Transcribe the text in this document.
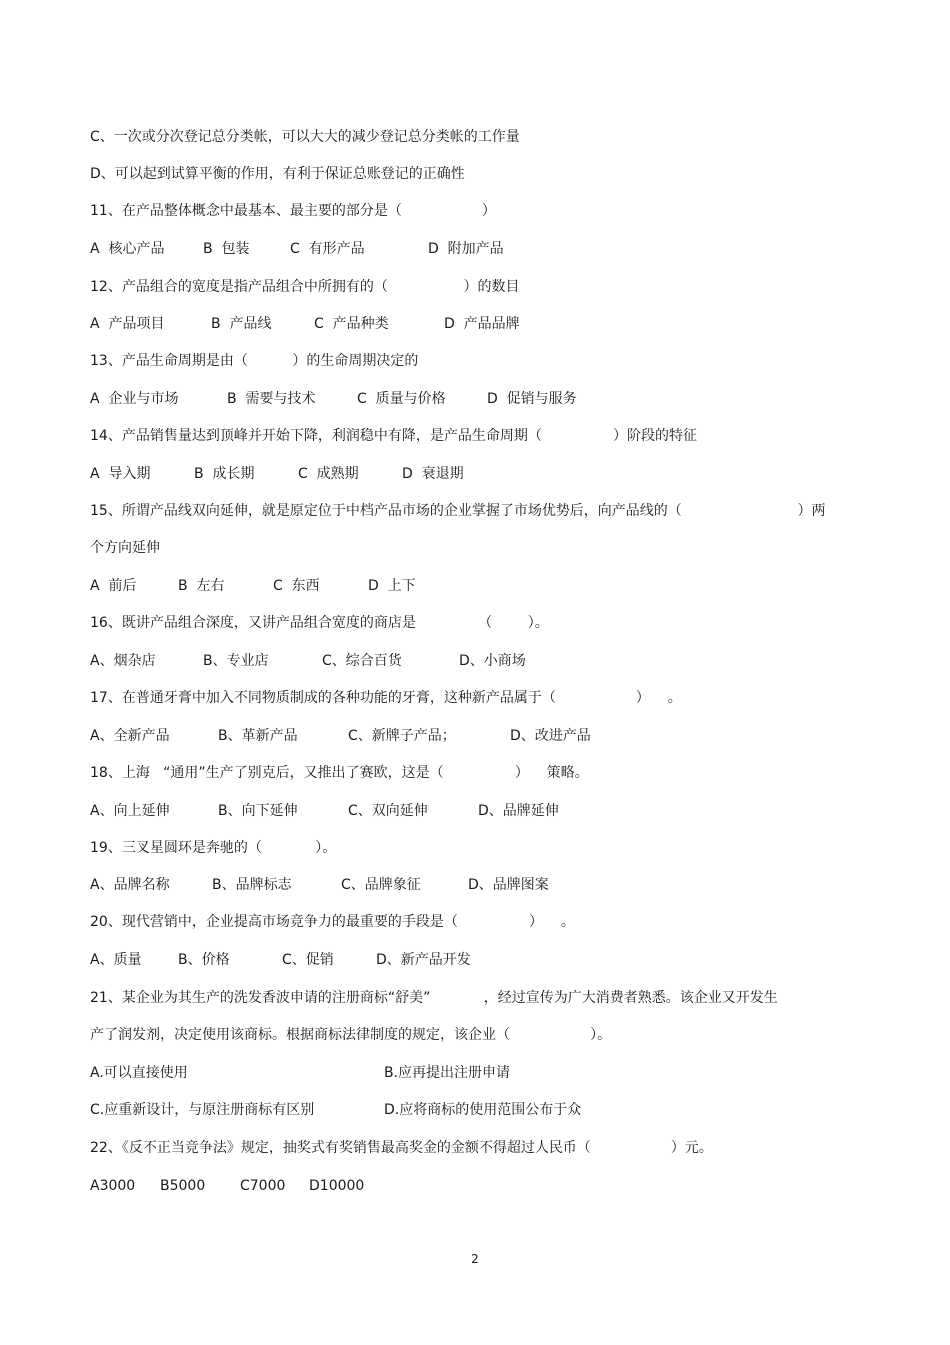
C、一次或分次登记总分类帐，可以大大的减少登记总分类帐的工作量
D、可以起到试算平衡的作用，有利于保证总账登记的正确性
11、在产品整体概念中最基本、最主要的部分是（                  ）
A  核心产品	B  包装	C  有形产品	D  附加产品
12、产品组合的宽度是指产品组合中所拥有的（                 ）的数目
A  产品项目	B  产品线	C  产品种类	D  产品品牌
13、产品生命周期是由（          ）的生命周期决定的
A  企业与市场	B  需要与技术	C  质量与价格	D  促销与服务
14、产品销售量达到顶峰并开始下降，利润稳中有降，是产品生命周期（                ）阶段的特征
A  导入期	B  成长期	C  成熟期	D  衰退期
15、所谓产品线双向延伸，就是原定位于中档产品市场的企业掌握了市场优势后，向产品线的（                          ）两
个方向延伸
A  前后	B  左右	C  东西	D  上下
16、既讲产品组合深度，又讲产品组合宽度的商店是              （        ）。
A、烟杂店	B、专业店	C、综合百货	D、小商场
17、在普通牙膏中加入不同物质制成的各种功能的牙膏，这种新产品属于（                  ）    。
A、全新产品	B、革新产品	C、新牌子产品；	D、改进产品
18、上海   “通用”生产了别克后，又推出了赛欧，这是（                ）    策略。
A、向上延伸	B、向下延伸	C、双向延伸	D、品牌延伸
19、三叉星圆环是奔驰的（            ）。
A、品牌名称	B、品牌标志	C、品牌象征	D、品牌图案
20、现代营销中，企业提高市场竞争力的最重要的手段是（                ）    。
A、质量	B、价格	C、促销	D、新产品开发
21、某企业为其生产的洗发香波申请的注册商标“舒美”            ，经过宣传为广大消费者熟悉。该企业又开发生
产了润发剂，决定使用该商标。根据商标法律制度的规定，该企业（                  ）。
A.可以直接使用	B.应再提出注册申请
C.应重新设计，与原注册商标有区别	D.应将商标的使用范围公布于众
22、《反不正当竞争法》规定，抽奖式有奖销售最高奖金的金额不得超过人民币（                  ）元。
A3000 B5000 C7000 D10000
2
